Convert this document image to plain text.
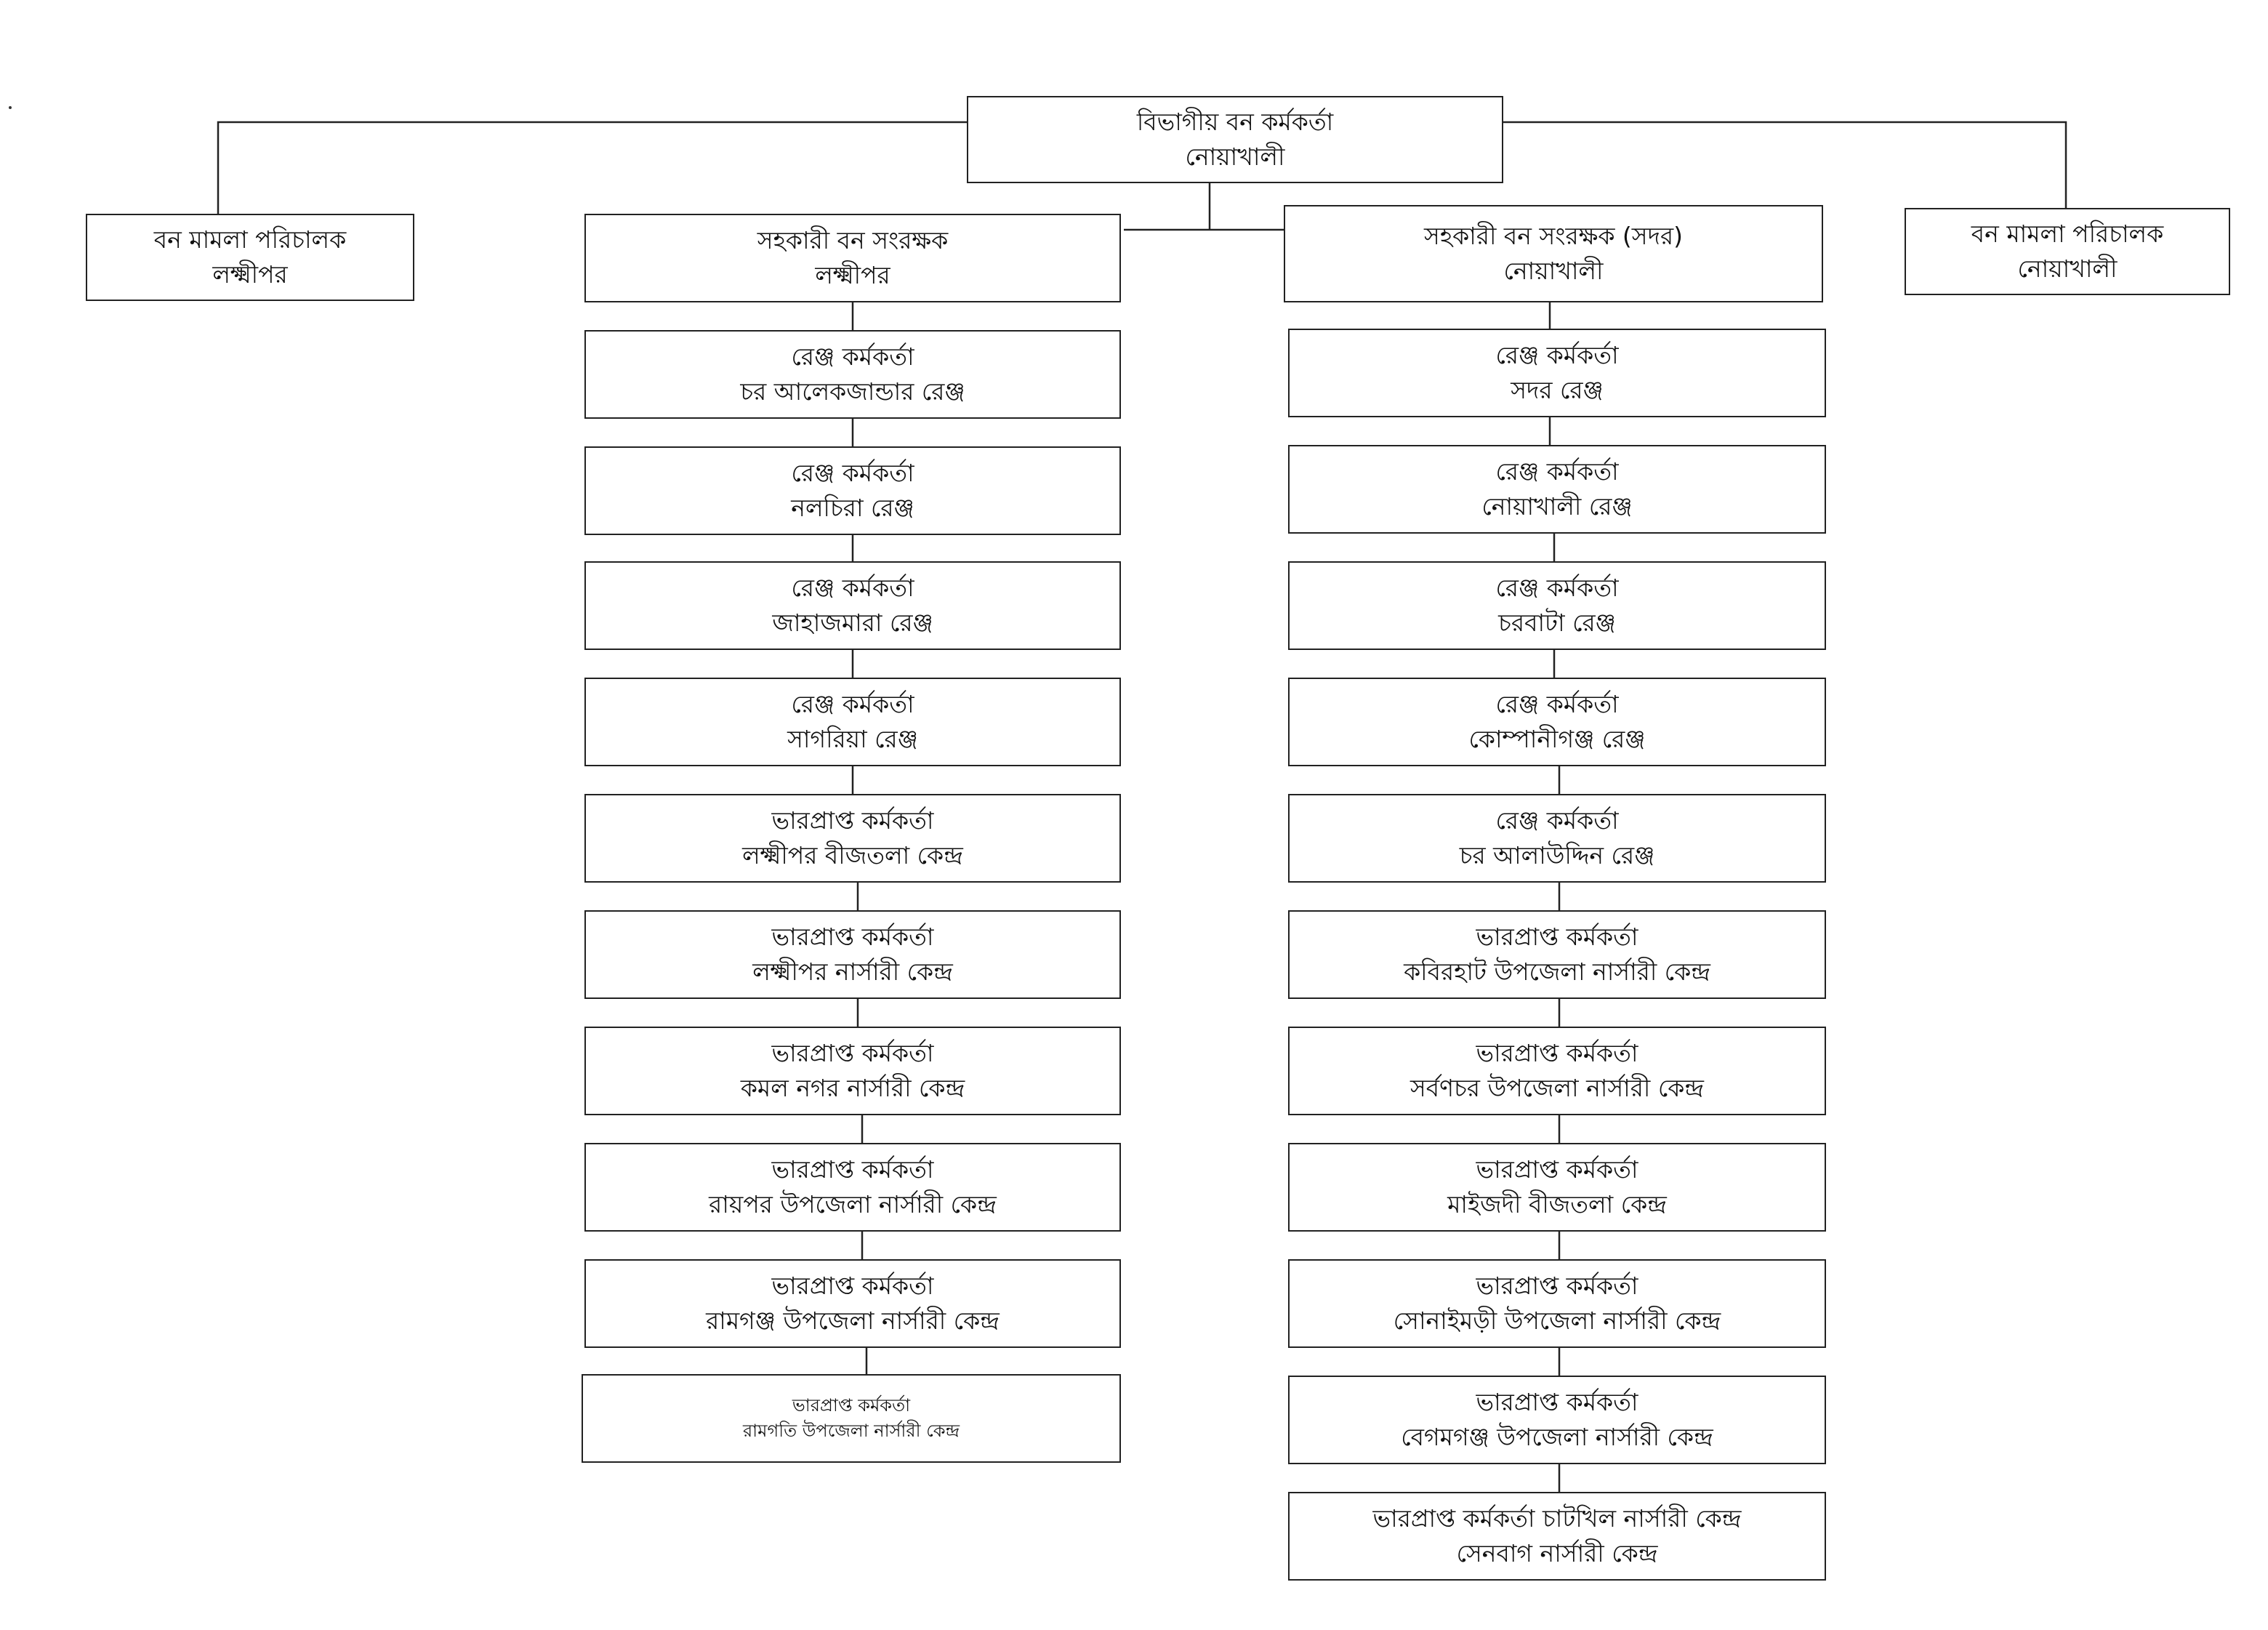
বিভাগীয় বন কর্মকর্তা
নোয়াখালী
বন মামলা পরিচালক
লক্ষ্মীপর
বন মামলা পরিচালক
নোয়াখালী
সহকারী বন সংরক্ষক
লক্ষ্মীপর
সহকারী বন সংরক্ষক (সদর)
নোয়াখালী
রেঞ্জ কর্মকর্তা
চর আলেকজান্ডার রেঞ্জ
রেঞ্জ কর্মকর্তা
নলচিরা রেঞ্জ
রেঞ্জ কর্মকর্তা
জাহাজমারা রেঞ্জ
রেঞ্জ কর্মকর্তা
সাগরিয়া রেঞ্জ
ভারপ্রাপ্ত কর্মকর্তা
লক্ষ্মীপর বীজতলা কেন্দ্র
ভারপ্রাপ্ত কর্মকর্তা
লক্ষ্মীপর নার্সারী কেন্দ্র
ভারপ্রাপ্ত কর্মকর্তা
কমল নগর নার্সারী কেন্দ্র
ভারপ্রাপ্ত কর্মকর্তা
রায়পর উপজেলা নার্সারী কেন্দ্র
ভারপ্রাপ্ত কর্মকর্তা
রামগঞ্জ উপজেলা নার্সারী কেন্দ্র
ভারপ্রাপ্ত কর্মকর্তা
রামগতি উপজেলা নার্সারী কেন্দ্র
রেঞ্জ কর্মকর্তা
সদর রেঞ্জ
রেঞ্জ কর্মকর্তা
নোয়াখালী রেঞ্জ
রেঞ্জ কর্মকর্তা
চরবাটা রেঞ্জ
রেঞ্জ কর্মকর্তা
কোম্পানীগঞ্জ রেঞ্জ
রেঞ্জ কর্মকর্তা
চর আলাউদ্দিন রেঞ্জ
ভারপ্রাপ্ত কর্মকর্তা
কবিরহাট উপজেলা নার্সারী কেন্দ্র
ভারপ্রাপ্ত কর্মকর্তা
সর্বণচর উপজেলা নার্সারী কেন্দ্র
ভারপ্রাপ্ত কর্মকর্তা
মাইজদী বীজতলা কেন্দ্র
ভারপ্রাপ্ত কর্মকর্তা
সোনাইমড়ী উপজেলা নার্সারী কেন্দ্র
ভারপ্রাপ্ত কর্মকর্তা
বেগমগঞ্জ উপজেলা নার্সারী কেন্দ্র
ভারপ্রাপ্ত কর্মকর্তা চাটখিল নার্সারী কেন্দ্র
সেনবাগ নার্সারী কেন্দ্র
